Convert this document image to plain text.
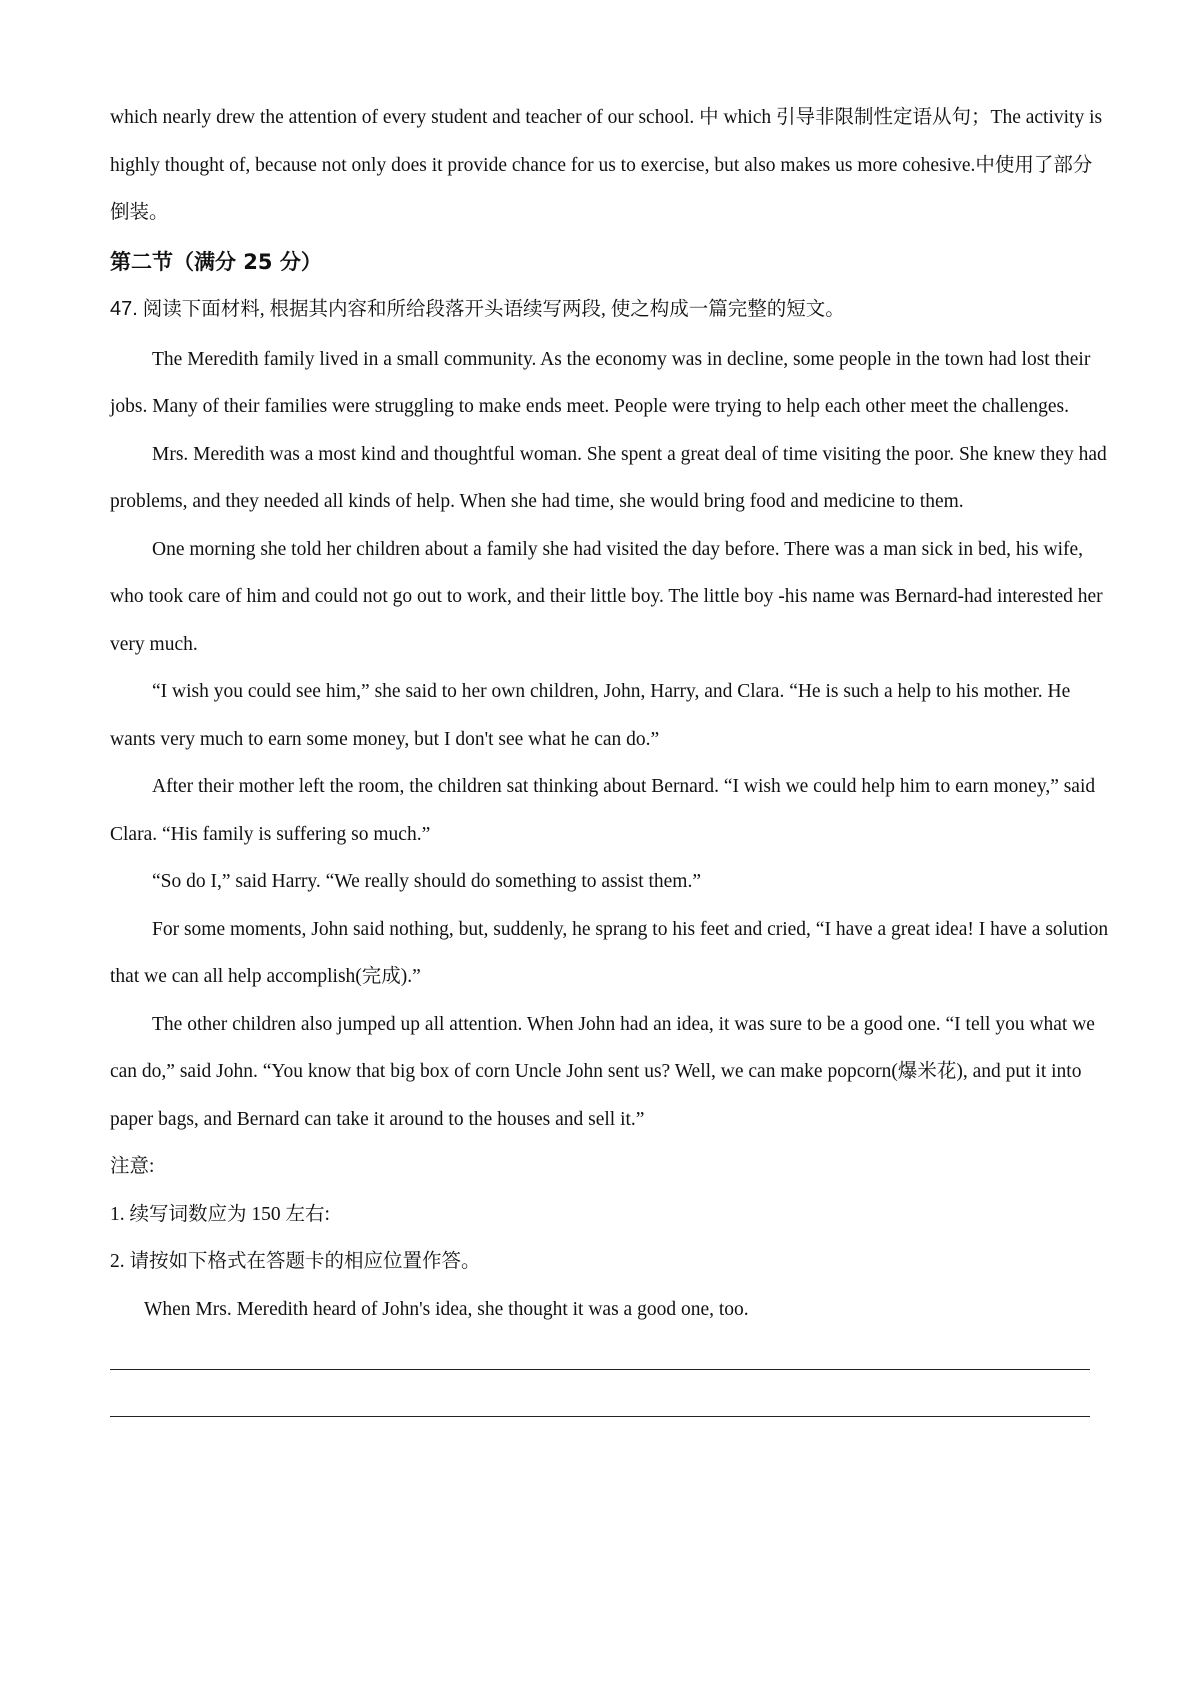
which nearly drew the attention of every student and teacher of our school. 中 which 引导非限制性定语从句；The activity is highly thought of, because not only does it provide chance for us to exercise, but also makes us more cohesive.中使用了部分倒装。

第二节（满分 25 分）
47. 阅读下面材料, 根据其内容和所给段落开头语续写两段, 使之构成一篇完整的短文。

The Meredith family lived in a small community. As the economy was in decline, some people in the town had lost their jobs. Many of their families were struggling to make ends meet. People were trying to help each other meet the challenges.

Mrs. Meredith was a most kind and thoughtful woman. She spent a great deal of time visiting the poor. She knew they had problems, and they needed all kinds of help. When she had time, she would bring food and medicine to them.

One morning she told her children about a family she had visited the day before. There was a man sick in bed, his wife, who took care of him and could not go out to work, and their little boy. The little boy -his name was Bernard-had interested her very much.

“I wish you could see him,” she said to her own children, John, Harry, and Clara. “He is such a help to his mother. He wants very much to earn some money, but I don't see what he can do.”

After their mother left the room, the children sat thinking about Bernard. “I wish we could help him to earn money,” said Clara. “His family is suffering so much.”

“So do I,” said Harry. “We really should do something to assist them.”

For some moments, John said nothing, but, suddenly, he sprang to his feet and cried, “I have a great idea! I have a solution that we can all help accomplish(完成).”

The other children also jumped up all attention. When John had an idea, it was sure to be a good one. “I tell you what we can do,” said John. “You know that big box of corn Uncle John sent us? Well, we can make popcorn(爆米花), and put it into paper bags, and Bernard can take it around to the houses and sell it.”

注意:

1. 续写词数应为 150 左右:

2. 请按如下格式在答题卡的相应位置作答。

When Mrs. Meredith heard of John's idea, she thought it was a good one, too.
